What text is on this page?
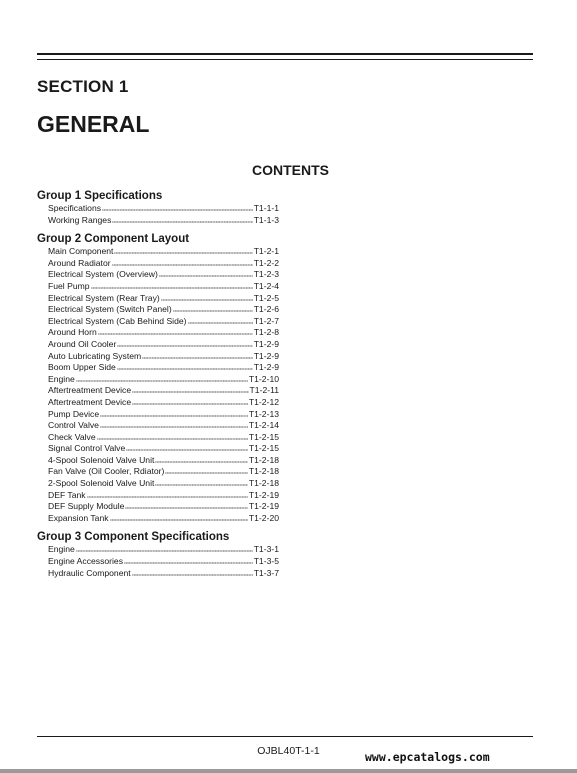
SECTION 1
GENERAL
CONTENTS
Group 1 Specifications
Specifications	T1-1-1
Working Ranges	T1-1-3
Group 2 Component Layout
Main Component	T1-2-1
Around Radiator	T1-2-2
Electrical System (Overview)	T1-2-3
Fuel Pump	T1-2-4
Electrical System (Rear Tray)	T1-2-5
Electrical System (Switch Panel)	T1-2-6
Electrical System (Cab Behind Side)	T1-2-7
Around Horn	T1-2-8
Around Oil Cooler	T1-2-9
Auto Lubricating System	T1-2-9
Boom Upper Side	T1-2-9
Engine	T1-2-10
Aftertreatment Device	T1-2-11
Aftertreatment Device	T1-2-12
Pump Device	T1-2-13
Control Valve	T1-2-14
Check Valve	T1-2-15
Signal Control Valve	T1-2-15
4-Spool Solenoid Valve Unit	T1-2-18
Fan Valve (Oil Cooler, Rdiator)	T1-2-18
2-Spool Solenoid Valve Unit	T1-2-18
DEF Tank	T1-2-19
DEF Supply Module	T1-2-19
Expansion Tank	T1-2-20
Group 3 Component Specifications
Engine	T1-3-1
Engine Accessories	T1-3-5
Hydraulic Component	T1-3-7
OJBL40T-1-1	www.epcatalogs.com
